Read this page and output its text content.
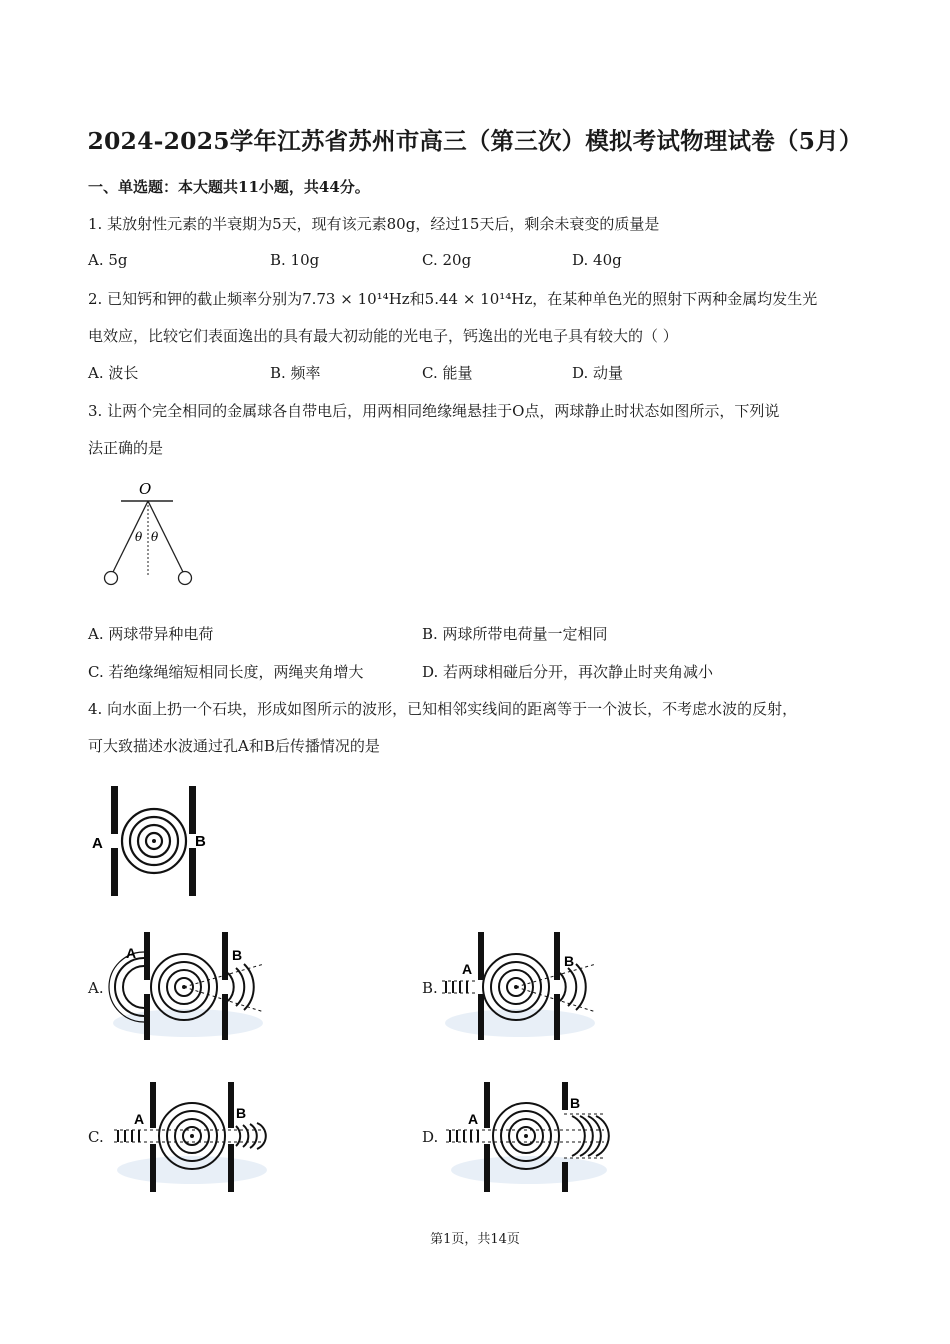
2024-2025学年江苏省苏州市高三（第三次）模拟考试物理试卷（5月）
一、单选题：本大题共11小题，共44分。
1. 某放射性元素的半衰期为5天，现有该元素80g，经过15天后，剩余未衰变的质量是
A. 5g	B. 10g	C. 20g	D. 40g
2. 已知钙和钾的截止频率分别为7.73 × 10¹⁴Hz和5.44 × 10¹⁴Hz，在某种单色光的照射下两种金属均发生光
电效应，比较它们表面逸出的具有最大初动能的光电子，钙逸出的光电子具有较大的（ ）
A. 波长	B. 频率	C. 能量	D. 动量
3. 让两个完全相同的金属球各自带电后，用两相同绝缘绳悬挂于O点，两球静止时状态如图所示，下列说
法正确的是
O
θ θ
A. 两球带异种电荷	B. 两球所带电荷量一定相同
C. 若绝缘绳缩短相同长度，两绳夹角增大	D. 若两球相碰后分开，再次静止时夹角减小
4. 向水面上扔一个石块，形成如图所示的波形，已知相邻实线间的距离等于一个波长，不考虑水波的反射，
可大致描述水波通过孔A和B后传播情况的是
A	B
A.
A	B
B.
A	B
C.
A	B
D.
A
B
第1页，共14页
